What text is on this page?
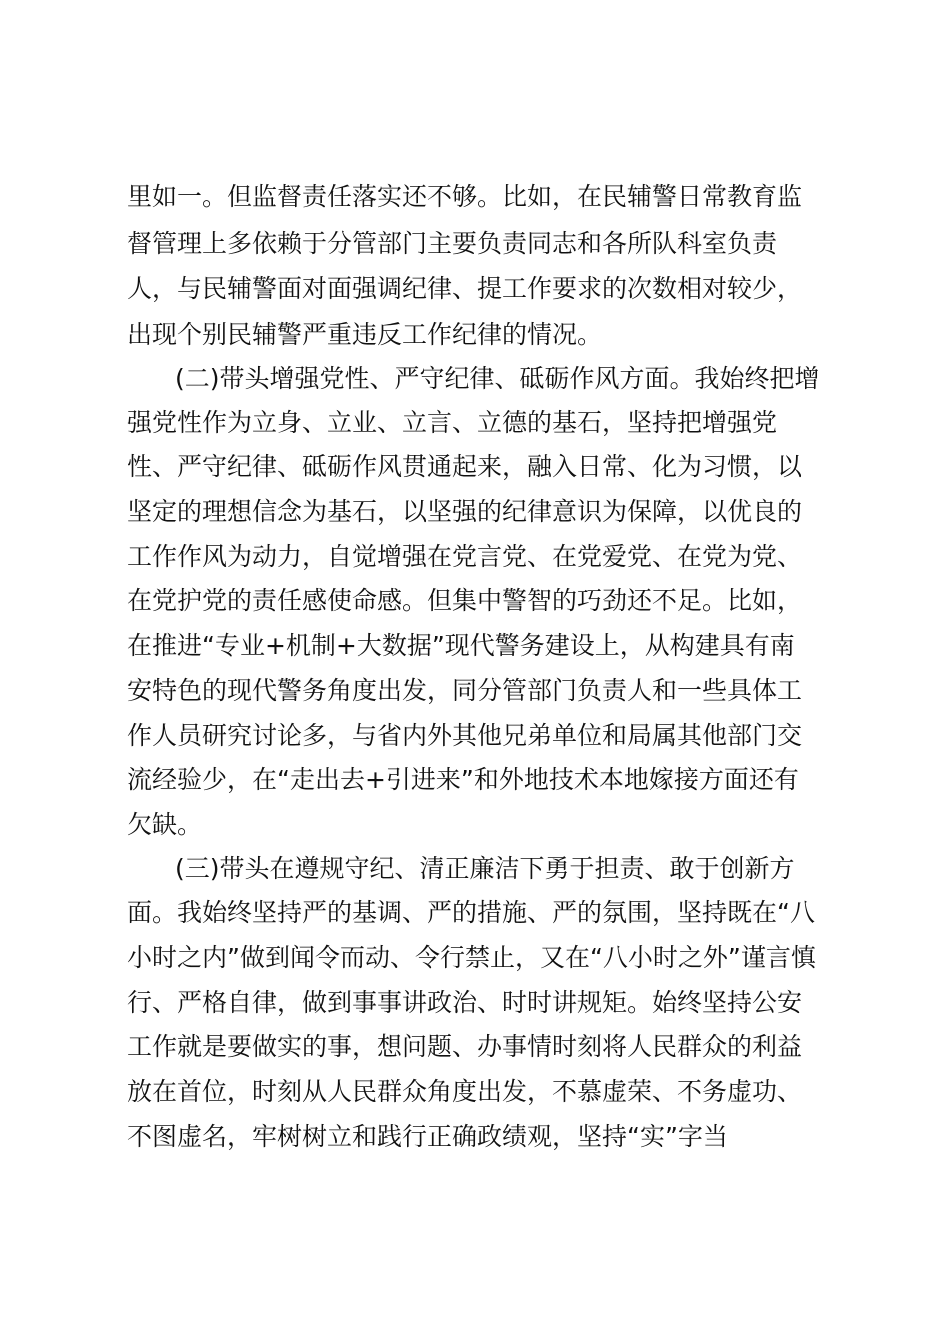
里如一。但监督责任落实还不够。比如，在民辅警日常教育监
督管理上多依赖于分管部门主要负责同志和各所队科室负责
人，与民辅警面对面强调纪律、提工作要求的次数相对较少，
出现个别民辅警严重违反工作纪律的情况。
(二)带头增强党性、严守纪律、砥砺作风方面。我始终把增
强党性作为立身、立业、立言、立德的基石，坚持把增强党
性、严守纪律、砥砺作风贯通起来，融入日常、化为习惯，以
坚定的理想信念为基石，以坚强的纪律意识为保障，以优良的
工作作风为动力，自觉增强在党言党、在党爱党、在党为党、
在党护党的责任感使命感。但集中警智的巧劲还不足。比如，
在推进“专业+机制+大数据”现代警务建设上，从构建具有南
安特色的现代警务角度出发，同分管部门负责人和一些具体工
作人员研究讨论多，与省内外其他兄弟单位和局属其他部门交
流经验少，在“走出去+引进来”和外地技术本地嫁接方面还有
欠缺。
(三)带头在遵规守纪、清正廉洁下勇于担责、敢于创新方
面。我始终坚持严的基调、严的措施、严的氛围，坚持既在“八
小时之内”做到闻令而动、令行禁止，又在“八小时之外”谨言慎
行、严格自律，做到事事讲政治、时时讲规矩。始终坚持公安
工作就是要做实的事，想问题、办事情时刻将人民群众的利益
放在首位，时刻从人民群众角度出发，不慕虚荣、不务虚功、
不图虚名，牢树树立和践行正确政绩观，坚持“实”字当
